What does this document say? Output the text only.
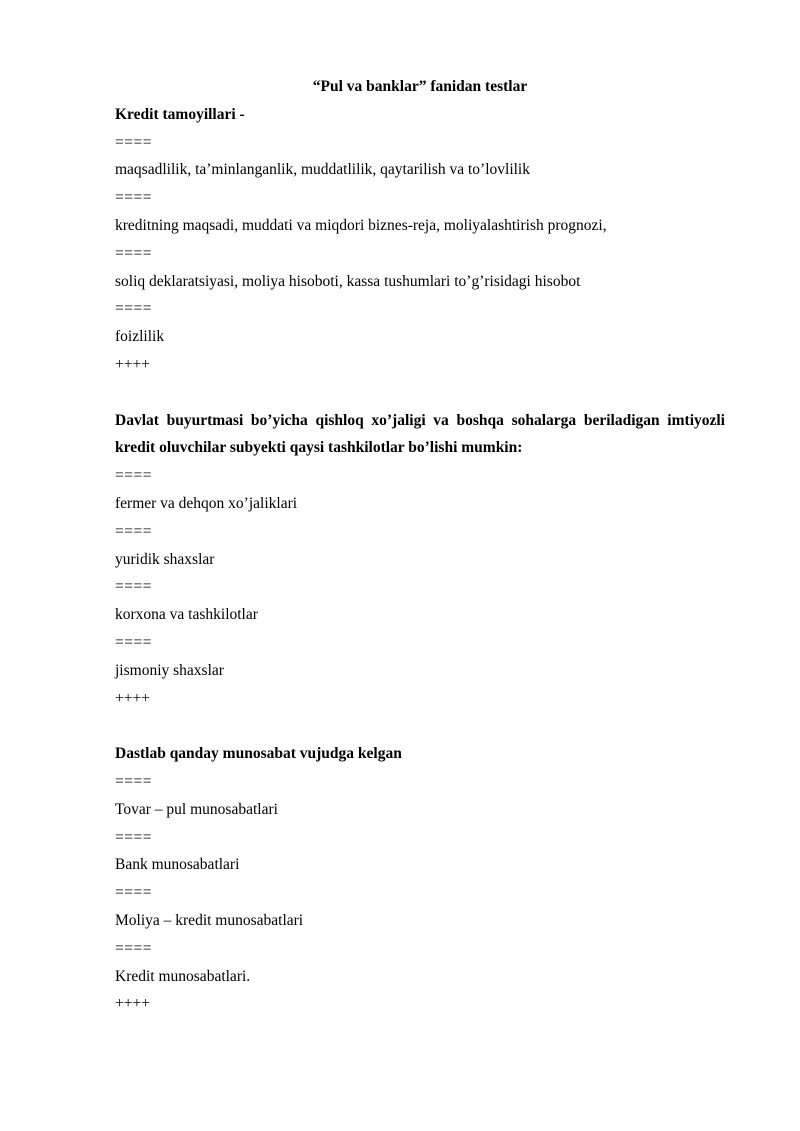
“Pul va banklar” fanidan testlar
Kredit tamoyillari -
====
maqsadlilik, ta’minlanganlik, muddatlilik, qaytarilish va to’lovlilik
====
kreditning maqsadi, muddati va miqdori biznes-reja, moliyalashtirish prognozi,
====
soliq deklaratsiyasi, moliya hisoboti, kassa tushumlari to’g’risidagi hisobot
====
foizlilik
++++
Davlat buyurtmasi bo’yicha qishloq xo’jaligi va boshqa sohalarga beriladigan imtiyozli kredit oluvchilar subyekti qaysi tashkilotlar bo’lishi mumkin:
====
fermer va dehqon xo’jaliklari
====
yuridik shaxslar
====
korxona va tashkilotlar
====
jismoniy shaxslar
++++
Dastlab qanday munosabat vujudga kelgan
====
Tovar – pul munosabatlari
====
Bank munosabatlari
====
Moliya – kredit munosabatlari
====
Kredit munosabatlari.
++++
